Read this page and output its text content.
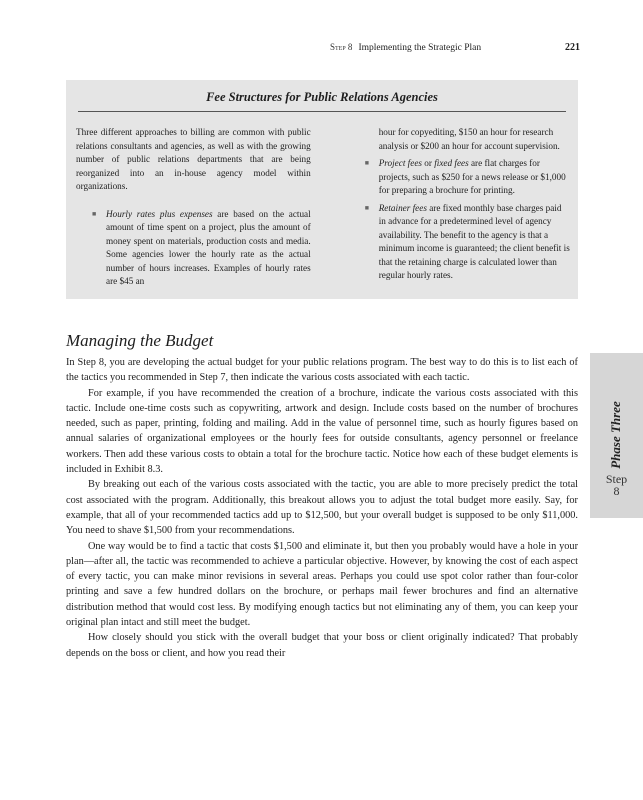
Step 8 Implementing the Strategic Plan	221
Fee Structures for Public Relations Agencies

Three different approaches to billing are common with public relations consultants and agencies, as well as with the growing number of public relations departments that are being reorganized into an in-house agency model within organizations.

■ Hourly rates plus expenses are based on the actual amount of time spent on a project, plus the amount of money spent on materials, production costs and media. Some agencies lower the hourly rate as the actual number of hours increases. Examples of hourly rates are $45 an

hour for copyediting, $150 an hour for research analysis or $200 an hour for account supervision.

■ Project fees or fixed fees are flat charges for projects, such as $250 for a news release or $1,000 for preparing a brochure for printing.
■ Retainer fees are fixed monthly base charges paid in advance for a predetermined level of agency availability. The benefit to the agency is that a minimum income is guaranteed; the client benefit is that the retaining charge is calculated lower than regular hourly rates.
Managing the Budget

In Step 8, you are developing the actual budget for your public relations program. The best way to do this is to list each of the tactics you recommended in Step 7, then indicate the various costs associated with each tactic.

For example, if you have recommended the creation of a brochure, indicate the various costs associated with this tactic. Include one-time costs such as copywriting, artwork and design. Include costs based on the number of brochures needed, such as paper, printing, folding and mailing. Add in the value of personnel time, such as hourly figures based on annual salaries of organizational employees or the hourly fees for outside consultants, agency personnel or freelance workers. Then add these various costs to obtain a total for the brochure tactic. Notice how each of these budget elements is included in Exhibit 8.3.

By breaking out each of the various costs associated with the tactic, you are able to more precisely predict the total cost associated with the program. Additionally, this breakout allows you to adjust the total budget more easily. Say, for example, that all of your recommended tactics add up to $12,500, but your overall budget is supposed to be only $11,000. You need to shave $1,500 from your recommendations.

One way would be to find a tactic that costs $1,500 and eliminate it, but then you probably would have a hole in your plan—after all, the tactic was recommended to achieve a particular objective. However, by knowing the cost of each aspect of every tactic, you can make minor revisions in several areas. Perhaps you could use spot color rather than four-color printing and save a few hundred dollars on the brochure, or perhaps mail fewer brochures and find an alternative distribution method that would cost less. By modifying enough tactics but not eliminating any of them, you can keep your original plan intact and still meet the budget.

How closely should you stick with the overall budget that your boss or client originally indicated? That probably depends on the boss or client, and how you read their

Phase Three
Step
8
